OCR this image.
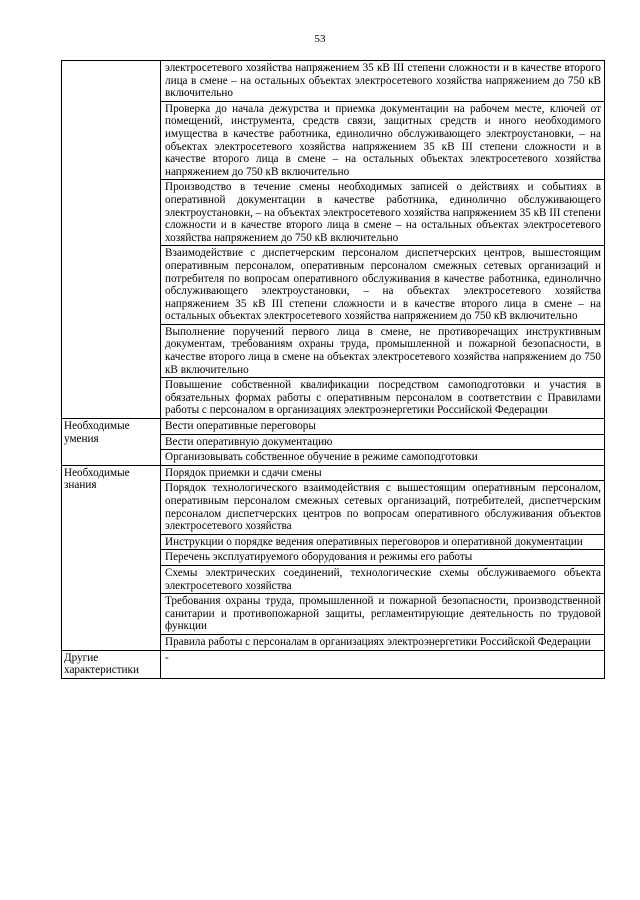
53
	электросетевого хозяйства напряжением 35 кВ III степени сложности и в качестве второго лица в смене – на остальных объектах электросетевого хозяйства напряжением до 750 кВ включительно
	Проверка до начала дежурства и приемка документации на рабочем месте, ключей от помещений, инструмента, средств связи, защитных средств и иного необходимого имущества в качестве работника, единолично обслуживающего электроустановки, – на объектах электросетевого хозяйства напряжением 35 кВ III степени сложности и в качестве второго лица в смене – на остальных объектах электросетевого хозяйства напряжением до 750 кВ включительно
	Производство в течение смены необходимых записей о действиях и событиях в оперативной документации в качестве работника, единолично обслуживающего электроустановки, – на объектах электросетевого хозяйства напряжением 35 кВ III степени сложности и в качестве второго лица в смене – на остальных объектах электросетевого хозяйства напряжением до 750 кВ включительно
	Взаимодействие с диспетчерским персоналом диспетчерских центров, вышестоящим оперативным персоналом, оперативным персоналом смежных сетевых организаций и потребителя по вопросам оперативного обслуживания в качестве работника, единолично обслуживающего электроустановки, – на объектах электросетевого хозяйства напряжением 35 кВ III степени сложности и в качестве второго лица в смене – на остальных объектах электросетевого хозяйства напряжением до 750 кВ включительно
	Выполнение поручений первого лица в смене, не противоречащих инструктивным документам, требованиям охраны труда, промышленной и пожарной безопасности, в качестве второго лица в смене на объектах электросетевого хозяйства напряжением до 750 кВ включительно
	Повышение собственной квалификации посредством самоподготовки и участия в обязательных формах работы с оперативным персоналом в соответствии с Правилами работы с персоналом в организациях электроэнергетики Российской Федерации
Необходимые умения	Вести оперативные переговоры
	Вести оперативную документацию
	Организовывать собственное обучение в режиме самоподготовки
Необходимые знания	Порядок приемки и сдачи смены
	Порядок технологического взаимодействия с вышестоящим оперативным персоналом, оперативным персоналом смежных сетевых организаций, потребителей, диспетчерским персоналом диспетчерских центров по вопросам оперативного обслуживания объектов электросетевого хозяйства
	Инструкции о порядке ведения оперативных переговоров и оперативной документации
	Перечень эксплуатируемого оборудования и режимы его работы
	Схемы электрических соединений, технологические схемы обслуживаемого объекта электросетевого хозяйства
	Требования охраны труда, промышленной и пожарной безопасности, производственной санитарии и противопожарной защиты, регламентирующие деятельность по трудовой функции
	Правила работы с персоналам в организациях электроэнергетики Российской Федерации
Другие характеристики	-
